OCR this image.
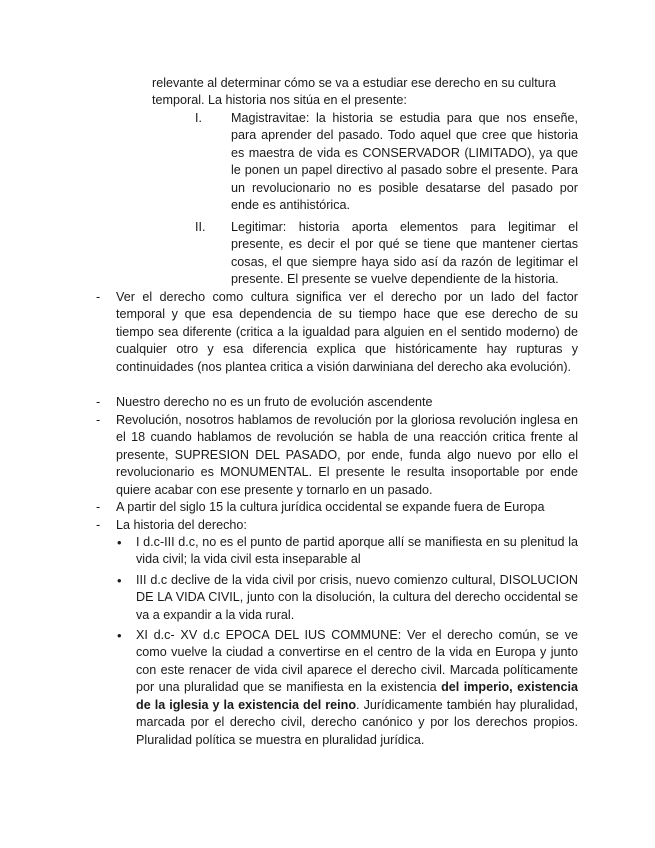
relevante al determinar cómo se va a estudiar ese derecho en su cultura
temporal. La historia nos sitúa en el presente:
I.	Magistravitae: la historia se estudia para que nos enseñe, para aprender del pasado. Todo aquel que cree que historia es maestra de vida es CONSERVADOR (LIMITADO), ya que le ponen un papel directivo al pasado sobre el presente. Para un revolucionario no es posible desatarse del pasado por ende es antihistórica.
II.	Legitimar: historia aporta elementos para legitimar el presente, es decir el por qué se tiene que mantener ciertas cosas, el que siempre haya sido así da razón de legitimar el presente. El presente se vuelve dependiente de la historia.
-	Ver el derecho como cultura significa ver el derecho por un lado del factor temporal y que esa dependencia de su tiempo hace que ese derecho de su tiempo sea diferente (critica a la igualdad para alguien en el sentido moderno) de cualquier otro y esa diferencia explica que históricamente hay rupturas y continuidades (nos plantea critica a visión darwiniana del derecho aka evolución).
-	Nuestro derecho no es un fruto de evolución ascendente
-	Revolución, nosotros hablamos de revolución por la gloriosa revolución inglesa en el 18 cuando hablamos de revolución se habla de una reacción critica frente al presente, SUPRESION DEL PASADO, por ende, funda algo nuevo por ello el revolucionario es MONUMENTAL. El presente le resulta insoportable por ende quiere acabar con ese presente y tornarlo en un pasado.
-	A partir del siglo 15 la cultura jurídica occidental se expande fuera de Europa
-	La historia del derecho:
•	I d.c-III d.c, no es el punto de partid aporque allí se manifiesta en su plenitud la vida civil; la vida civil esta inseparable al
•	III d.c declive de la vida civil por crisis, nuevo comienzo cultural, DISOLUCION DE LA VIDA CIVIL, junto con la disolución, la cultura del derecho occidental se va a expandir a la vida rural.
•	XI d.c- XV d.c EPOCA DEL IUS COMMUNE: Ver el derecho común, se ve como vuelve la ciudad a convertirse en el centro de la vida en Europa y junto con este renacer de vida civil aparece el derecho civil. Marcada políticamente por una pluralidad que se manifiesta en la existencia del imperio, existencia de la iglesia y la existencia del reino. Jurídicamente también hay pluralidad, marcada por el derecho civil, derecho canónico y por los derechos propios. Pluralidad política se muestra en pluralidad jurídica.
